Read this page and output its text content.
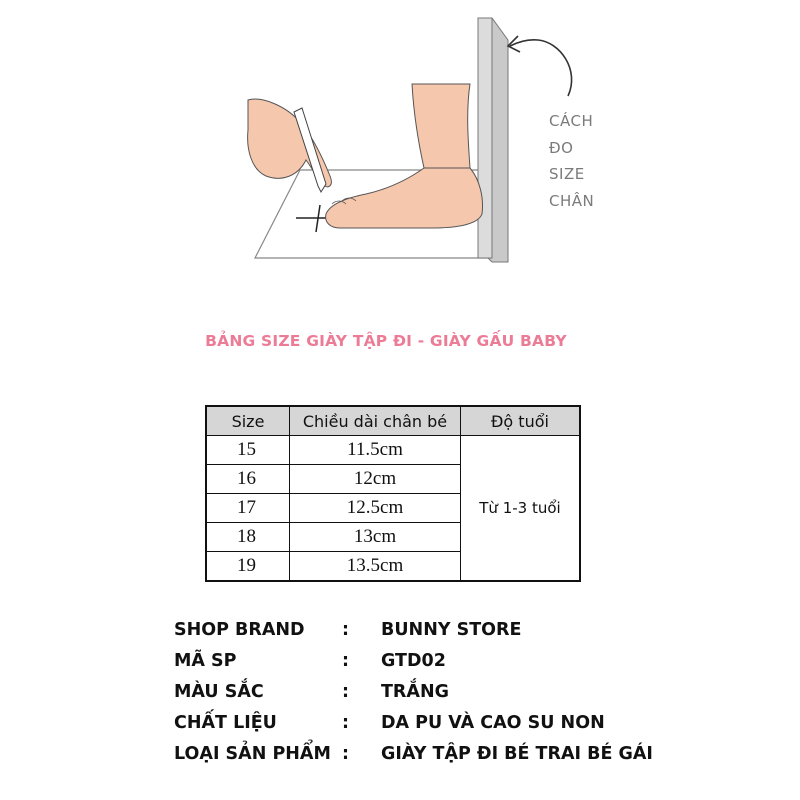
CÁCH
ĐO
SIZE
CHÂN
BẢNG SIZE GIÀY TẬP ĐI - GIÀY GẤU BABY
Size	Chiều dài chân bé	Độ tuổi
15	11.5cm	Từ 1-3 tuổi
16	12cm	
17	12.5cm	
18	13cm	
19	13.5cm	
SHOP BRAND : BUNNY STORE
MÃ SP	: GTD02
MÀU SẮC	: TRẮNG
CHẤT LIỆU	: DA PU VÀ CAO SU NON
LOẠI SẢN PHẨM : GIÀY TẬP ĐI BÉ TRAI BÉ GÁI
